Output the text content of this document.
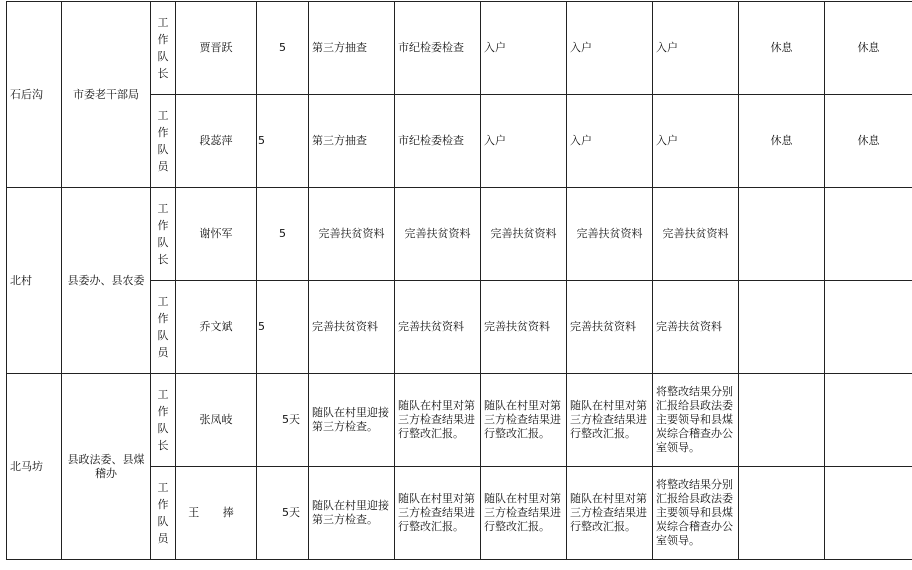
石后沟	市委老干部局	工作队长	贾晋跃	5	第三方抽查	市纪检委检查	入户	入户	入户	休息	休息
		工作队员	段蕊萍	5	第三方抽查	市纪检委检查	入户	入户	入户	休息	休息
北村	县委办、县农委	工作队长	谢怀军	5	完善扶贫资料	完善扶贫资料	完善扶贫资料	完善扶贫资料	完善扶贫资料		
		工作队员	乔文斌	5	完善扶贫资料	完善扶贫资料	完善扶贫资料	完善扶贫资料	完善扶贫资料		
北马坊	县政法委、县煤稽办	工作队长	张凤岐	5天	随队在村里迎接第三方检查。	随队在村里对第三方检查结果进行整改汇报。	随队在村里对第三方检查结果进行整改汇报。	随队在村里对第三方检查结果进行整改汇报。	将整改结果分别汇报给县政法委主要领导和县煤炭综合稽查办公室领导。		
		工作队员	王 捧	5天	随队在村里迎接第三方检查。	随队在村里对第三方检查结果进行整改汇报。	随队在村里对第三方检查结果进行整改汇报。	随队在村里对第三方检查结果进行整改汇报。	将整改结果分别汇报给县政法委主要领导和县煤炭综合稽查办公室领导。		
